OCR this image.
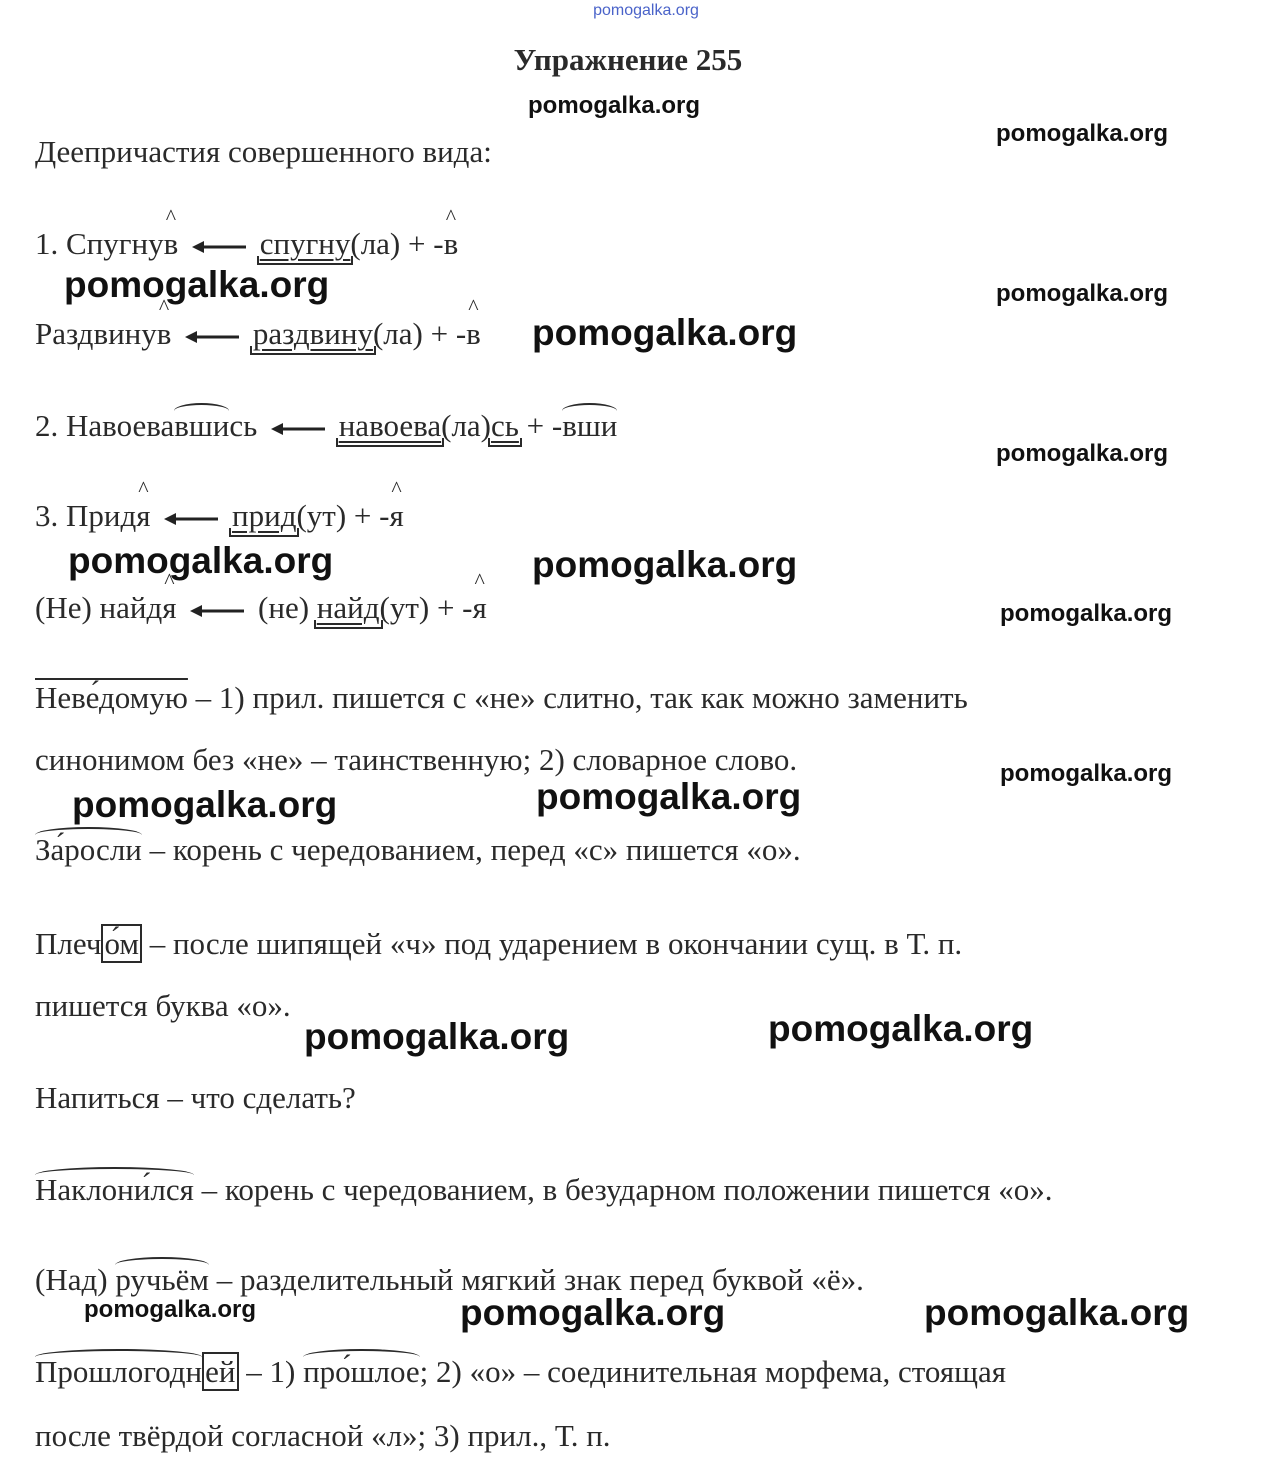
pomogalka.org
Упражнение 255
pomogalka.org
pomogalka.org
pomogalka.org	pomogalka.org
pomogalka.org
pomogalka.org
pomogalka.org	pomogalka.org
pomogalka.org
pomogalka.org
pomogalka.org	pomogalka.org
pomogalka.org	pomogalka.org
pomogalka.org	pomogalka.org	pomogalka.org
Деепричастия совершенного вида:
1. Спугну^ в	спугну(ла) + -^ в
Раздвину^ в	раздвину(ла) + -^ в
2. Навоевавшись	навоева(ла)сь + -вши
3. Прид^ я	прид(ут) + -^ я
(Не) найд^ я	(не) найд(ут) + -^ я
Неве́домую – 1) прил. пишется с «не» слитно, так как можно заменить
синонимом без «не» – таинственную; 2) словарное слово.
За́росли – корень с чередованием, перед «с» пишется «о».
Плечо́м – после шипящей «ч» под ударением в окончании сущ. в Т. п.
пишется буква «о».
Напиться – что сделать?
Наклони́лся – корень с чередованием, в безударном положении пишется «о».
(Над) ручьём – разделительный мягкий знак перед буквой «ё».
Прошлогодней – 1) про́шлое; 2) «о» – соединительная морфема, стоящая
после твёрдой согласной «л»; 3) прил., Т. п.
